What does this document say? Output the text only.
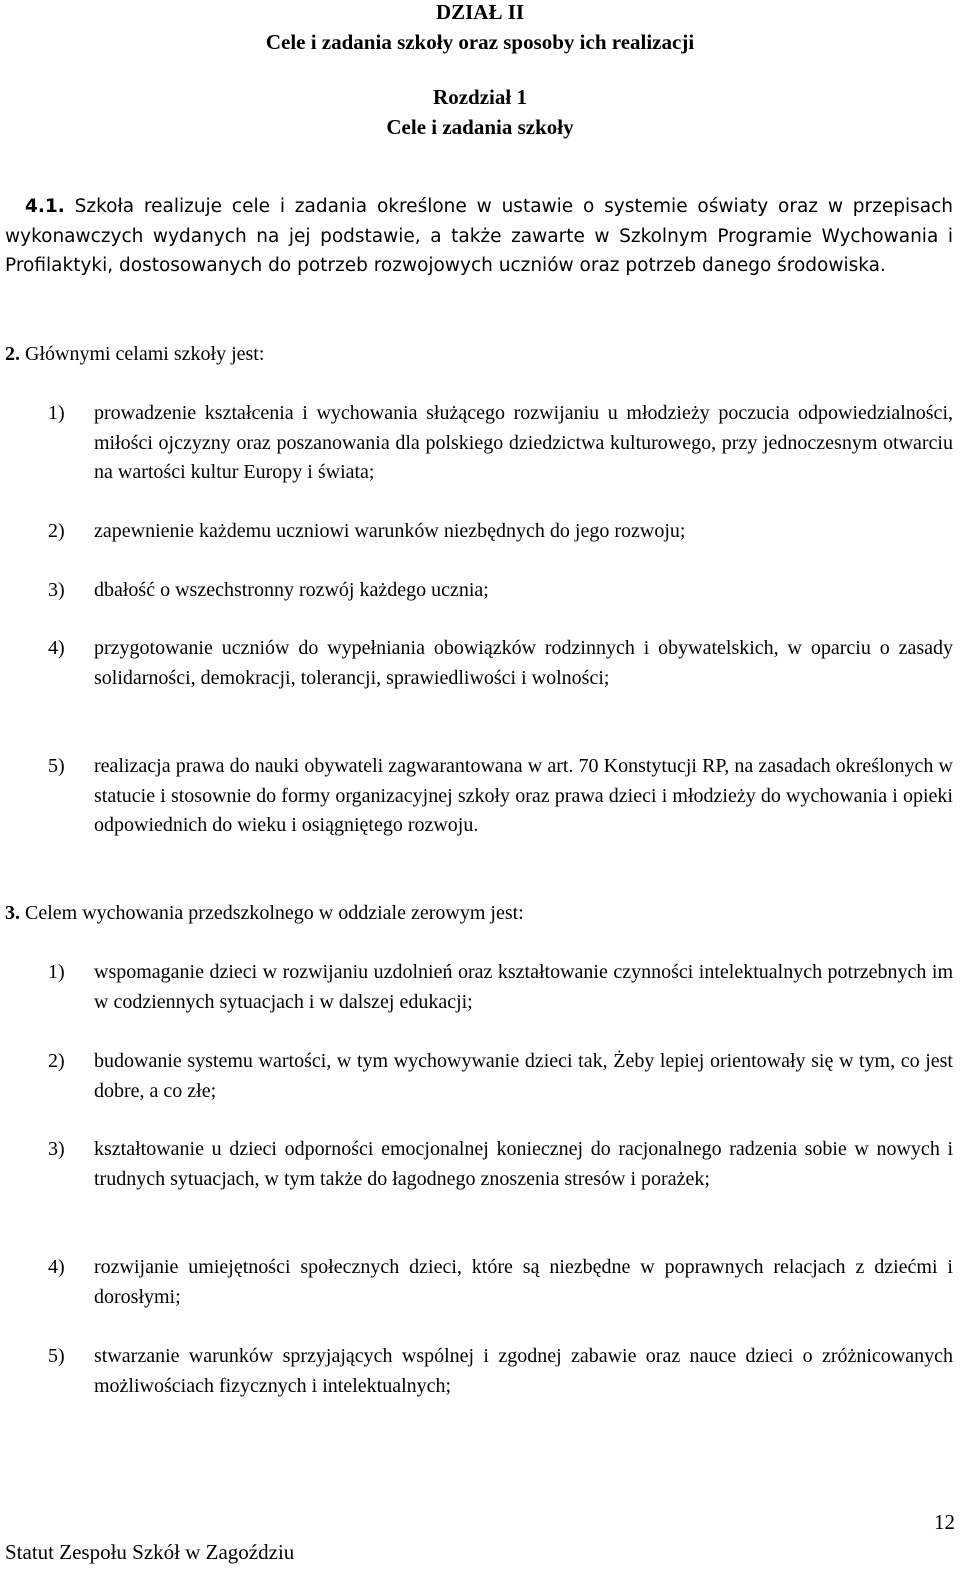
DZIAŁ II
Cele i zadania szkoły oraz sposoby ich realizacji
Rozdział 1
Cele i zadania szkoły
4.1. Szkoła realizuje cele i zadania określone w ustawie o systemie oświaty oraz w przepisach wykonawczych wydanych na jej podstawie, a także zawarte w Szkolnym Programie Wychowania i Profilaktyki, dostosowanych do potrzeb rozwojowych uczniów oraz potrzeb danego środowiska.
2. Głównymi celami szkoły jest:
1)	prowadzenie kształcenia i wychowania służącego rozwijaniu u młodzieży poczucia odpowiedzialności, miłości ojczyzny oraz poszanowania dla polskiego dziedzictwa kulturowego, przy jednoczesnym otwarciu na wartości kultur Europy i świata;
2)	zapewnienie każdemu uczniowi warunków niezbędnych do jego rozwoju;
3)	dbałość o wszechstronny rozwój każdego ucznia;
4)	przygotowanie uczniów do wypełniania obowiązków rodzinnych i obywatelskich, w oparciu o zasady solidarności, demokracji, tolerancji, sprawiedliwości i wolności;
5)	realizacja prawa do nauki obywateli zagwarantowana w art. 70 Konstytucji RP, na zasadach określonych w statucie i stosownie do formy organizacyjnej szkoły oraz prawa dzieci i młodzieży do wychowania i opieki odpowiednich do wieku i osiągniętego rozwoju.
3. Celem wychowania przedszkolnego w oddziale zerowym jest:
1)	wspomaganie dzieci w rozwijaniu uzdolnień oraz kształtowanie czynności intelektualnych potrzebnych im w codziennych sytuacjach i w dalszej edukacji;
2)	budowanie systemu wartości, w tym wychowywanie dzieci tak, Żeby lepiej orientowały się w tym, co jest dobre, a co złe;
3)	kształtowanie u dzieci odporności emocjonalnej koniecznej do racjonalnego radzenia sobie w nowych i trudnych sytuacjach, w tym także do łagodnego znoszenia stresów i porażek;
4)	rozwijanie umiejętności społecznych dzieci, które są niezbędne w poprawnych relacjach z dziećmi i dorosłymi;
5)	stwarzanie warunków sprzyjających wspólnej i zgodnej zabawie oraz nauce dzieci o zróżnicowanych możliwościach fizycznych i intelektualnych;
12
Statut Zespołu Szkół w Zagoździu
